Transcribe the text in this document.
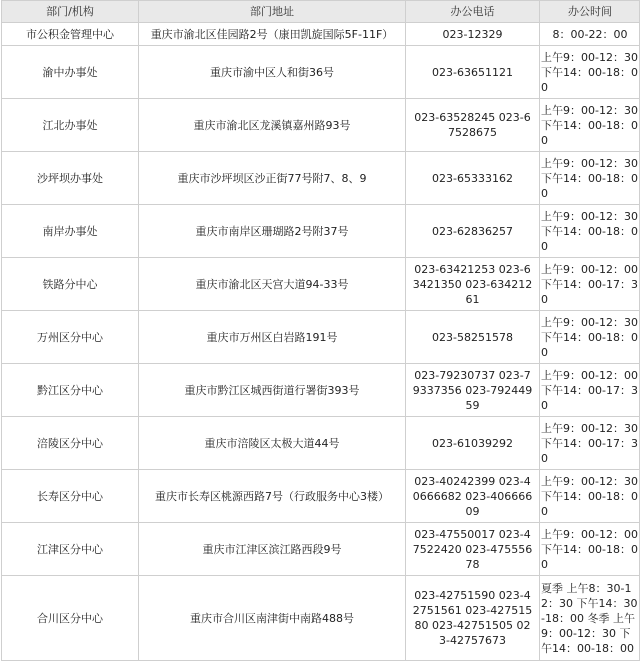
部门/机构	部门地址	办公电话	办公时间
市公积金管理中心	重庆市渝北区佳园路2号（康田凯旋国际5F-11F）	023-12329	8：00-22：00
渝中办事处	重庆市渝中区人和街36号	023-63651121	上午9：00-12：30下午14：00-18：00
江北办事处	重庆市渝北区龙溪镇嘉州路93号	023-63528245 023-67528675	上午9：00-12：30下午14：00-18：00
沙坪坝办事处	重庆市沙坪坝区沙正街77号附7、8、9	023-65333162	上午9：00-12：30下午14：00-18：00
南岸办事处	重庆市南岸区珊瑚路2号附37号	023-62836257	上午9：00-12：30下午14：00-18：00
铁路分中心	重庆市渝北区天宫大道94-33号	023-63421253 023-63421350 023-63421261	上午9：00-12：00下午14：00-17：30
万州区分中心	重庆市万州区白岩路191号	023-58251578	上午9：00-12：30下午14：00-18：00
黔江区分中心	重庆市黔江区城西街道行署街393号	023-79230737 023-79337356 023-79244959	上午9：00-12：00下午14：00-17：30
涪陵区分中心	重庆市涪陵区太极大道44号	023-61039292	上午9：00-12：30下午14：00-17：30
长寿区分中心	重庆市长寿区桃源西路7号（行政服务中心3楼）	023-40242399 023-40666682 023-40666609	上午9：00-12：30下午14：00-18：00
江津区分中心	重庆市江津区滨江路西段9号	023-47550017 023-47522420 023-47555678	上午9：00-12：00下午14：00-18：00
合川区分中心	重庆市合川区南津街中南路488号	023-42751590 023-42751561 023-42751580 023-42751505 023-42757673	夏季 上午8：30-12：30 下午14：30-18：00 冬季 上午9：00-12：30 下午14：00-18：00
